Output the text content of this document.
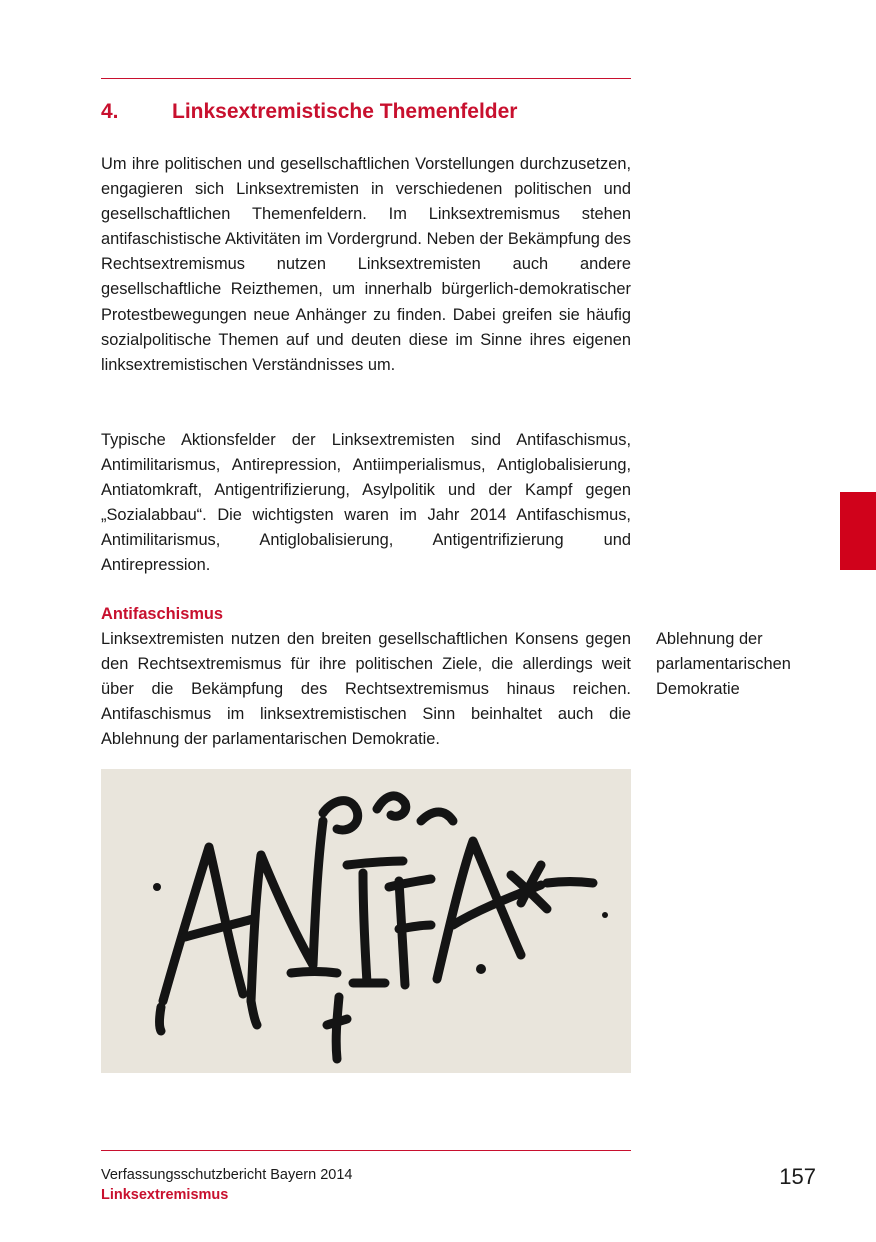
4.	Linksextremistische Themenfelder

Um ihre politischen und gesellschaftlichen Vorstellungen durchzusetzen, engagieren sich Linksextremisten in verschiedenen politischen und gesellschaftlichen Themenfeldern. Im Linksextremismus stehen antifaschistische Aktivitäten im Vordergrund. Neben der Bekämpfung des Rechtsextremismus nutzen Linksextremisten auch andere gesellschaftliche Reizthemen, um innerhalb bürgerlich-demokratischer Protestbewegungen neue Anhänger zu finden. Dabei greifen sie häufig sozialpolitische Themen auf und deuten diese im Sinne ihres eigenen linksextremistischen Verständnisses um.

Typische Aktionsfelder der Linksextremisten sind Antifaschismus, Antimilitarismus, Antirepression, Antiimperialismus, Antiglobalisierung, Antiatomkraft, Antigentrifizierung, Asylpolitik und der Kampf gegen „Sozialabbau“. Die wichtigsten waren im Jahr 2014 Antifaschismus, Antimilitarismus, Antiglobalisierung, Antigentrifizierung und Antirepression.

Antifaschismus

Linksextremisten nutzen den breiten gesellschaftlichen Konsens gegen den Rechtsextremismus für ihre politischen Ziele, die allerdings weit über die Bekämpfung des Rechtsextremismus hinaus reichen. Antifaschismus im linksextremistischen Sinn beinhaltet auch die Ablehnung der parlamentarischen Demokratie.

Ablehnung der
parlamentarischen
Demokratie

Verfassungsschutzbericht Bayern 2014
Linksextremismus
157
